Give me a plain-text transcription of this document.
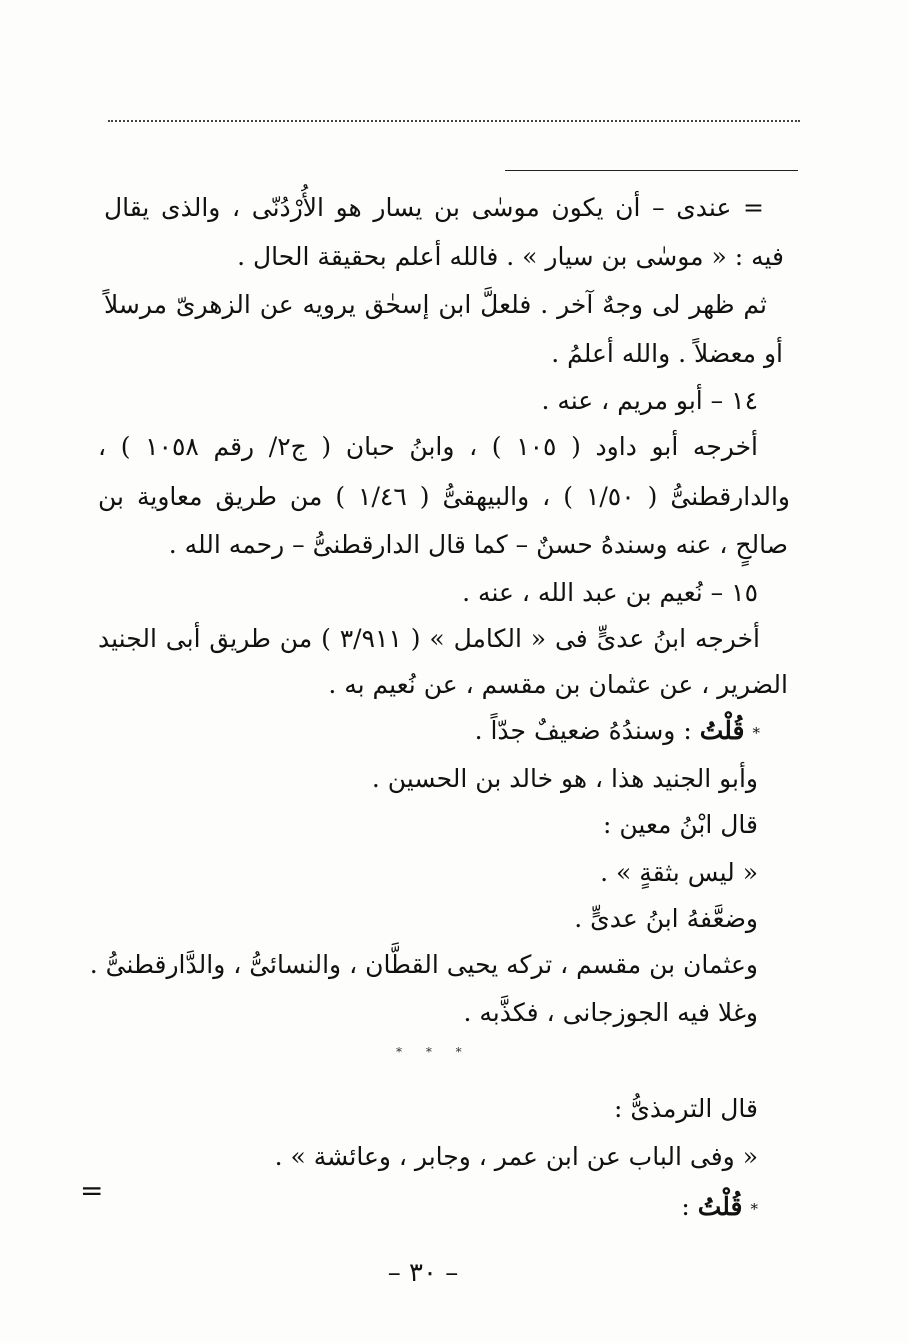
= عندى – أن يكون موسٰى بن يسار هو الأُرْدُنّى ، والذى يقال
فيه : « موسٰى بن سيار » . فالله أعلم بحقيقة الحال .
ثم ظهر لى وجهٌ آخر . فلعلَّ ابن إسحٰق يرويه عن الزهرىّ مرسلاً
أو معضلاً . والله أعلمُ .
١٤ – أبو مريم ، عنه .
أخرجه أبو داود ( ١٠٥ ) ، وابنُ حبان ( ج٢/ رقم ١٠٥٨ ) ،
والدارقطنىُّ ( ١/٥٠ ) ، والبيهقىُّ ( ١/٤٦ ) من طريق معاوية بن
صالحٍ ، عنه وسندهُ حسنٌ – كما قال الدارقطنىُّ – رحمه الله .
١٥ – نُعيم بن عبد الله ، عنه .
أخرجه ابنُ عدىٍّ فى « الكامل » ( ٣/٩١١ ) من طريق أبى الجنيد
الضرير ، عن عثمان بن مقسم ، عن نُعيم به .
*قُلْتُ : وسندُهُ ضعيفٌ جدّاً .
وأبو الجنيد هذا ، هو خالد بن الحسين .
قال ابْنُ معين :
« ليس بثقةٍ » .
وضعَّفهُ ابنُ عدىٍّ .
وعثمان بن مقسم ، تركه يحيى القطَّان ، والنسائىُّ ، والدَّارقطنىُّ .
وغلا فيه الجوزجانى ، فكذَّبه .
* * *
قال الترمذىُّ :
« وفى الباب عن ابن عمر ، وجابر ، وعائشة » .
*قُلْتُ :
=
– ٣٠ –
